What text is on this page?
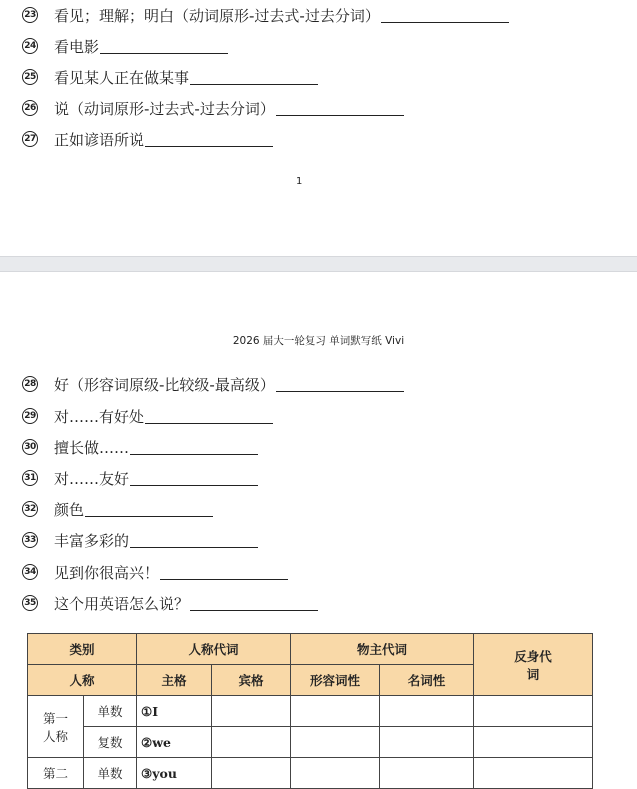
23 看见；理解；明白（动词原形-过去式-过去分词）
24 看电影
25 看见某人正在做某事
26 说（动词原形-过去式-过去分词）
27 正如谚语所说
1
2026 届大一轮复习 单词默写纸 Vivi
28 好（形容词原级-比较级-最高级）
29 对……有好处
30 擅长做……
31 对……友好
32 颜色
33 丰富多彩的
34 见到你很高兴！
35 这个用英语怎么说？
类别		人称代词		物主代词		反身代词
人称		主格	宾格	形容词性	名词性	
第一人称	单数	①I				
	复数	②we				
第二	单数	③you				
